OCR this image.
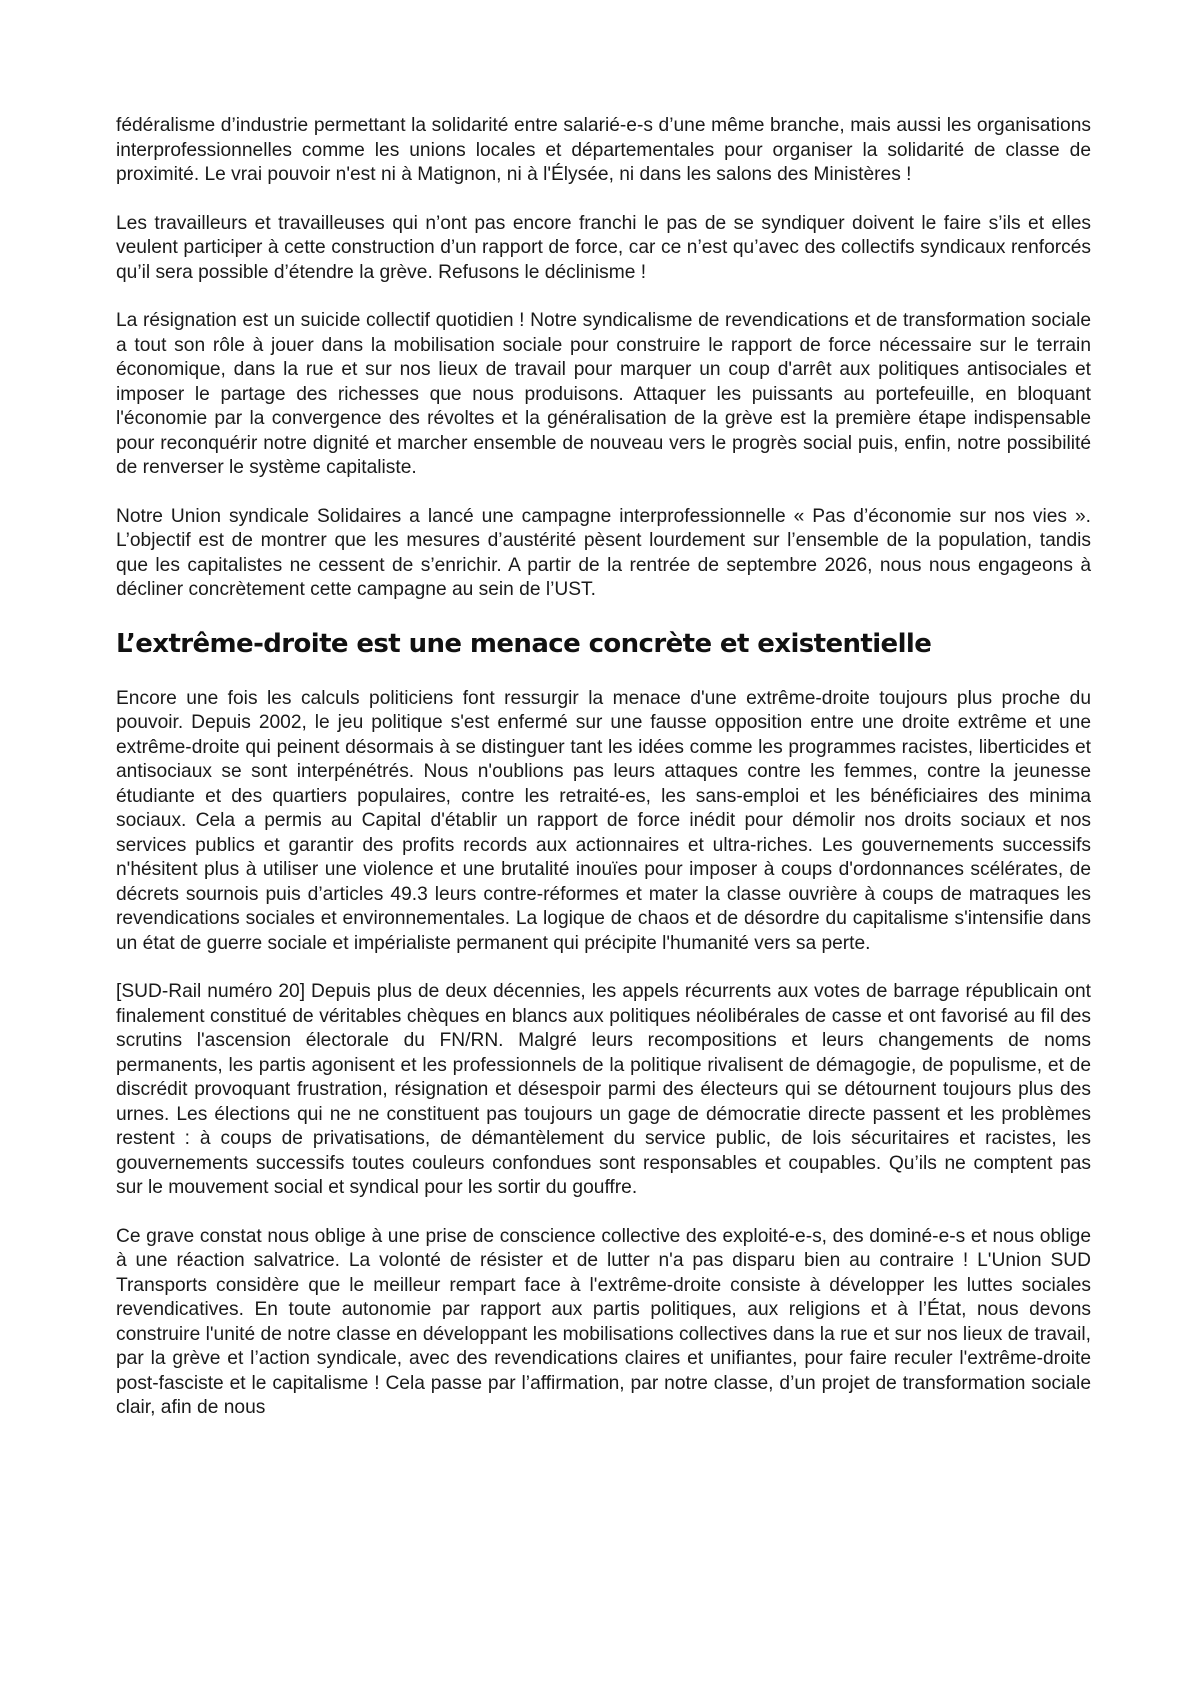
fédéralisme d’industrie permettant la solidarité entre salarié-e-s d’une même branche, mais aussi les organisations interprofessionnelles comme les unions locales et départementales pour organiser la solidarité de classe de proximité. Le vrai pouvoir n'est ni à Matignon, ni à l'Élysée, ni dans les salons des Ministères !

Les travailleurs et travailleuses qui n’ont pas encore franchi le pas de se syndiquer doivent le faire s’ils et elles veulent participer à cette construction d’un rapport de force, car ce n’est qu’avec des collectifs syndicaux renforcés qu’il sera possible d’étendre la grève. Refusons le déclinisme !

La résignation est un suicide collectif quotidien ! Notre syndicalisme de revendications et de transformation sociale a tout son rôle à jouer dans la mobilisation sociale pour construire le rapport de force nécessaire sur le terrain économique, dans la rue et sur nos lieux de travail pour marquer un coup d'arrêt aux politiques antisociales et imposer le partage des richesses que nous produisons. Attaquer les puissants au portefeuille, en bloquant l'économie par la convergence des révoltes et la généralisation de la grève est la première étape indispensable pour reconquérir notre dignité et marcher ensemble de nouveau vers le progrès social puis, enfin, notre possibilité de renverser le système capitaliste.

Notre Union syndicale Solidaires a lancé une campagne interprofessionnelle « Pas d’économie sur nos vies ». L’objectif est de montrer que les mesures d’austérité pèsent lourdement sur l’ensemble de la population, tandis que les capitalistes ne cessent de s’enrichir. A partir de la rentrée de septembre 2026, nous nous engageons à décliner concrètement cette campagne au sein de l’UST.

L’extrême-droite est une menace concrète et existentielle

Encore une fois les calculs politiciens font ressurgir la menace d'une extrême-droite toujours plus proche du pouvoir. Depuis 2002, le jeu politique s'est enfermé sur une fausse opposition entre une droite extrême et une extrême-droite qui peinent désormais à se distinguer tant les idées comme les programmes racistes, liberticides et antisociaux se sont interpénétrés. Nous n'oublions pas leurs attaques contre les femmes, contre la jeunesse étudiante et des quartiers populaires, contre les retraité-es, les sans-emploi et les bénéficiaires des minima sociaux. Cela a permis au Capital d'établir un rapport de force inédit pour démolir nos droits sociaux et nos services publics et garantir des profits records aux actionnaires et ultra-riches. Les gouvernements successifs n'hésitent plus à utiliser une violence et une brutalité inouïes pour imposer à coups d'ordonnances scélérates, de décrets sournois puis d’articles 49.3 leurs contre-réformes et mater la classe ouvrière à coups de matraques les revendications sociales et environnementales. La logique de chaos et de désordre du capitalisme s'intensifie dans un état de guerre sociale et impérialiste permanent qui précipite l'humanité vers sa perte.

[SUD-Rail numéro 20] Depuis plus de deux décennies, les appels récurrents aux votes de barrage républicain ont finalement constitué de véritables chèques en blancs aux politiques néolibérales de casse et ont favorisé au fil des scrutins l'ascension électorale du FN/RN. Malgré leurs recompositions et leurs changements de noms permanents, les partis agonisent et les professionnels de la politique rivalisent de démagogie, de populisme, et de discrédit provoquant frustration, résignation et désespoir parmi des électeurs qui se détournent toujours plus des urnes. Les élections qui ne ne constituent pas toujours un gage de démocratie directe passent et les problèmes restent : à coups de privatisations, de démantèlement du service public, de lois sécuritaires et racistes, les gouvernements successifs toutes couleurs confondues sont responsables et coupables. Qu’ils ne comptent pas sur le mouvement social et syndical pour les sortir du gouffre.

Ce grave constat nous oblige à une prise de conscience collective des exploité-e-s, des dominé-e-s et nous oblige à une réaction salvatrice. La volonté de résister et de lutter n'a pas disparu bien au contraire ! L'Union SUD Transports considère que le meilleur rempart face à l'extrême-droite consiste à développer les luttes sociales revendicatives. En toute autonomie par rapport aux partis politiques, aux religions et à l’État, nous devons construire l'unité de notre classe en développant les mobilisations collectives dans la rue et sur nos lieux de travail, par la grève et l’action syndicale, avec des revendications claires et unifiantes, pour faire reculer l'extrême-droite post-fasciste et le capitalisme ! Cela passe par l’affirmation, par notre classe, d’un projet de transformation sociale clair, afin de nous
